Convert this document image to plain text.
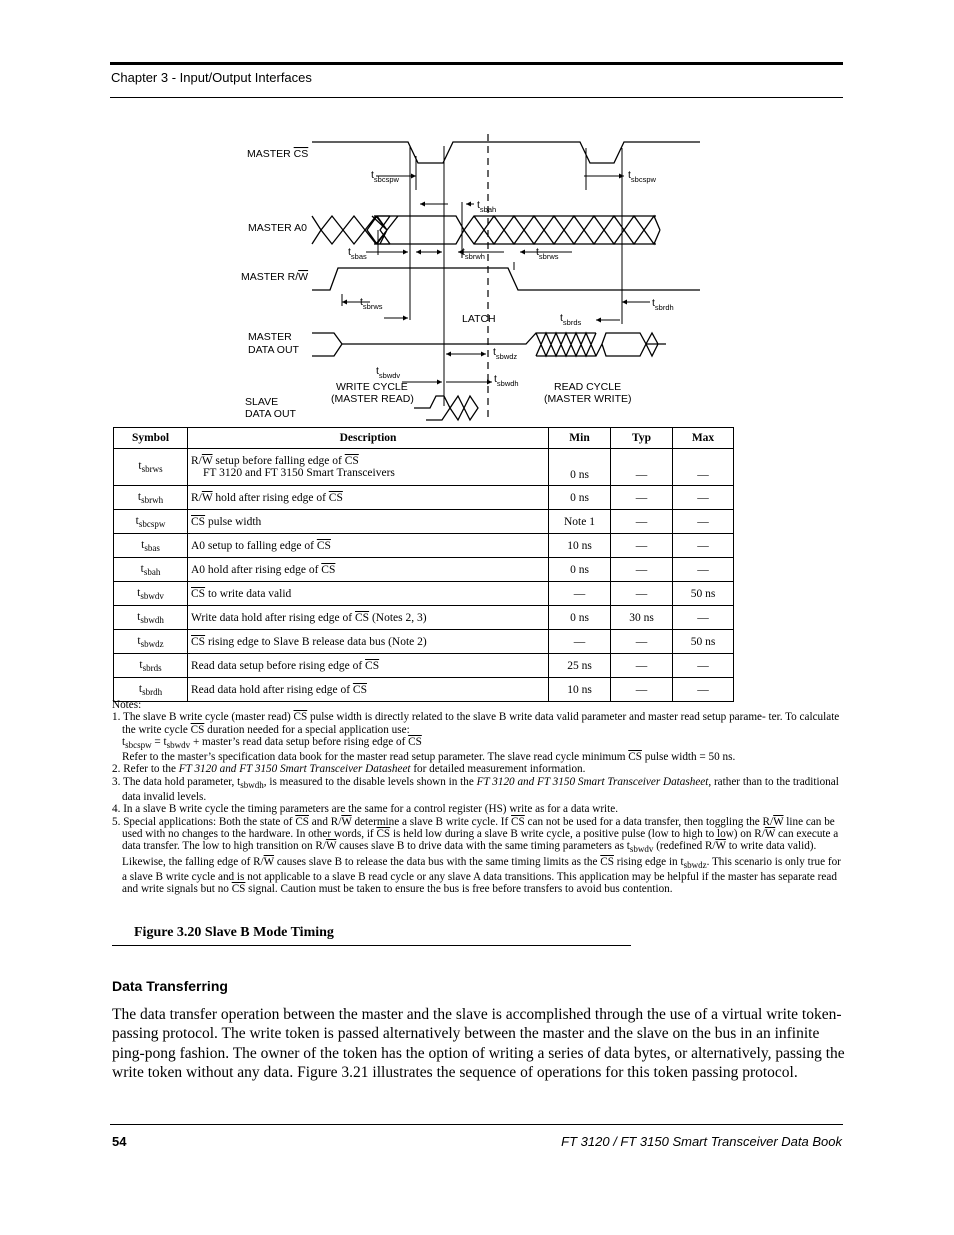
Chapter 3 - Input/Output Interfaces
MASTER CS
MASTER A0
MASTER R/W
MASTER
DATA OUT
SLAVE
DATA OUT
LATCH
WRITE CYCLE
(MASTER READ)
READ CYCLE
(MASTER WRITE)
$t_{sbcspw}$
$t_{sbah}$
$t_{sbcspw}$
$t_{sbas}$	$t_{sbrwh}$	$t_{sbrws}$
$t_{sbrws}$	$t_{sbrdh}$
$t_{sbrds}$
$t_{sbwdz}$
$t_{sbwdv}$	$t_{sbwdh}$
Symbol	Description	Min	Typ	Max
$t_{sbrws}$	$R/\overline{W}$ setup before falling edge of $\overline{CS}$
FT 3120 and FT 3150 Smart Transceivers	0 ns	—	—
$t_{sbrwh}$	$R/\overline{W}$ hold after rising edge of $\overline{CS}$	0 ns	—	—
$t_{sbcspw}$	$\overline{CS}$ pulse width	Note 1	—	—
$t_{sbas}$	A0 setup to falling edge of $\overline{CS}$	10 ns	—	—
$t_{sbah}$	A0 hold after rising edge of $\overline{CS}$	0 ns	—	—
$t_{sbwdv}$	$\overline{CS}$ to write data valid	—	—	50 ns
$t_{sbwdh}$	Write data hold after rising edge of $\overline{CS}$ (Notes 2, 3)	0 ns	30 ns	—
$t_{sbwdz}$	$\overline{CS}$ rising edge to Slave B release data bus (Note 2)	—	—	50 ns
$t_{sbrds}$	Read data setup before rising edge of $\overline{CS}$	25 ns	—	—
$t_{sbrdh}$	Read data hold after rising edge of $\overline{CS}$	10 ns	—	—

Notes:

1. The slave B write cycle (master read) $\overline{CS}$ pulse width is directly related to the slave B write data valid parameter and master read setup parame- ter. To calculate the write cycle $\overline{CS}$ duration needed for a special application use:

$t_{sbcspw} = t_{sbwdv}$ + master’s read data setup before rising edge of $\overline{CS}$

Refer to the master’s specification data book for the master read setup parameter. The slave read cycle minimum $\overline{CS}$ pulse width = 50 ns.

2. Refer to the FT 3120 and FT 3150 Smart Transceiver Datasheet for detailed measurement information.

3. The data hold parameter, $t_{sbwdh}$, is measured to the disable levels shown in the FT 3120 and FT 3150 Smart Transceiver Datasheet, rather than to the traditional data invalid levels.

4. In a slave B write cycle the timing parameters are the same for a control register (HS) write as for a data write.

5. Special applications: Both the state of $\overline{CS}$ and $R/\overline{W}$ determine a slave B write cycle. If $\overline{CS}$ can not be used for a data transfer, then toggling the $R/\overline{W}$ line can be used with no changes to the hardware. In other words, if $\overline{CS}$ is held low during a slave B write cycle, a positive pulse (low to high to low) on $R/\overline{W}$ can execute a data transfer. The low to high transition on $R/\overline{W}$ causes slave B to drive data with the same timing parameters as $t_{sbwdv}$ (redefined $R/\overline{W}$ to write data valid). Likewise, the falling edge of $R/\overline{W}$ causes slave B to release the data bus with the same timing limits as the $\overline{CS}$ rising edge in $t_{sbwdz}$. This scenario is only true for a slave B write cycle and is not applicable to a slave B read cycle or any slave A data transitions. This application may be helpful if the master has separate read and write signals but no $\overline{CS}$ signal. Caution must be taken to ensure the bus is free before transfers to avoid bus contention.

Figure 3.20 Slave B Mode Timing
Data Transferring

The data transfer operation between the master and the slave is accomplished through the use of a virtual write token-passing protocol. The write token is passed alternatively between the master and the slave on the bus in an infinite ping-pong fashion. The owner of the token has the option of writing a series of data bytes, or alternatively, passing the write token without any data. Figure 3.21 illustrates the sequence of operations for this token passing protocol.

54	FT 3120 / FT 3150 Smart Transceiver Data Book
